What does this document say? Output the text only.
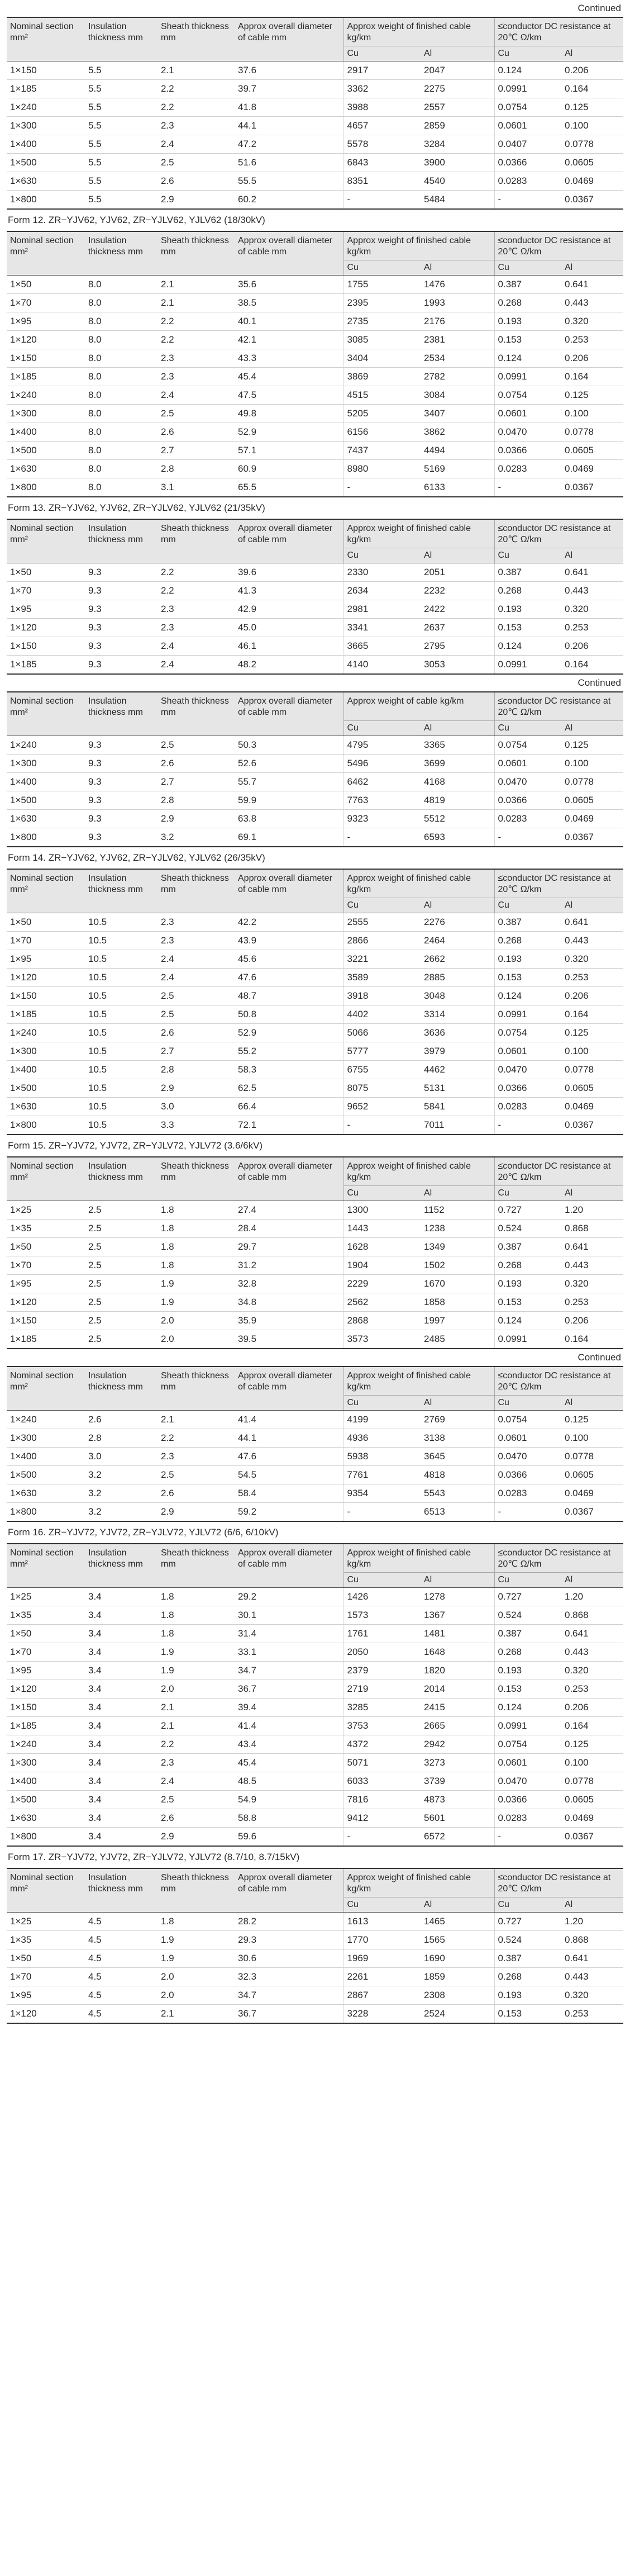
Continued
Nominal section mm²	Insulation thickness mm	Sheath thickness mm	Approx overall diameter of cable mm	Approx weight of finished cable kg/km		≤conductor DC resistance at 20℃ Ω/km	
				Cu	Al	Cu	Al
1×150	5.5	2.1	37.6	2917	2047	0.124	0.206
1×185	5.5	2.2	39.7	3362	2275	0.0991	0.164
1×240	5.5	2.2	41.8	3988	2557	0.0754	0.125
1×300	5.5	2.3	44.1	4657	2859	0.0601	0.100
1×400	5.5	2.4	47.2	5578	3284	0.0407	0.0778
1×500	5.5	2.5	51.6	6843	3900	0.0366	0.0605
1×630	5.5	2.6	55.5	8351	4540	0.0283	0.0469
1×800	5.5	2.9	60.2	-	5484	-	0.0367
Form 12. ZR−YJV62, YJV62, ZR−YJLV62, YJLV62 (18/30kV)
Nominal section mm²	Insulation thickness mm	Sheath thickness mm	Approx overall diameter of cable mm	Approx weight of finished cable kg/km		≤conductor DC resistance at 20℃ Ω/km	
				Cu	Al	Cu	Al
1×50	8.0	2.1	35.6	1755	1476	0.387	0.641
1×70	8.0	2.1	38.5	2395	1993	0.268	0.443
1×95	8.0	2.2	40.1	2735	2176	0.193	0.320
1×120	8.0	2.2	42.1	3085	2381	0.153	0.253
1×150	8.0	2.3	43.3	3404	2534	0.124	0.206
1×185	8.0	2.3	45.4	3869	2782	0.0991	0.164
1×240	8.0	2.4	47.5	4515	3084	0.0754	0.125
1×300	8.0	2.5	49.8	5205	3407	0.0601	0.100
1×400	8.0	2.6	52.9	6156	3862	0.0470	0.0778
1×500	8.0	2.7	57.1	7437	4494	0.0366	0.0605
1×630	8.0	2.8	60.9	8980	5169	0.0283	0.0469
1×800	8.0	3.1	65.5	-	6133	-	0.0367
Form 13. ZR−YJV62, YJV62, ZR−YJLV62, YJLV62 (21/35kV)
Nominal section mm²	Insulation thickness mm	Sheath thickness mm	Approx overall diameter of cable mm	Approx weight of finished cable kg/km		≤conductor DC resistance at 20℃ Ω/km	
				Cu	Al	Cu	Al
1×50	9.3	2.2	39.6	2330	2051	0.387	0.641
1×70	9.3	2.2	41.3	2634	2232	0.268	0.443
1×95	9.3	2.3	42.9	2981	2422	0.193	0.320
1×120	9.3	2.3	45.0	3341	2637	0.153	0.253
1×150	9.3	2.4	46.1	3665	2795	0.124	0.206
1×185	9.3	2.4	48.2	4140	3053	0.0991	0.164
Continued
Nominal section mm²	Insulation thickness mm	Sheath thickness mm	Approx overall diameter of cable mm	Approx weight of cable kg/km		≤conductor DC resistance at 20℃ Ω/km	
				Cu	Al	Cu	Al
1×240	9.3	2.5	50.3	4795	3365	0.0754	0.125
1×300	9.3	2.6	52.6	5496	3699	0.0601	0.100
1×400	9.3	2.7	55.7	6462	4168	0.0470	0.0778
1×500	9.3	2.8	59.9	7763	4819	0.0366	0.0605
1×630	9.3	2.9	63.8	9323	5512	0.0283	0.0469
1×800	9.3	3.2	69.1	-	6593	-	0.0367
Form 14. ZR−YJV62, YJV62, ZR−YJLV62, YJLV62 (26/35kV)
Nominal section mm²	Insulation thickness mm	Sheath thickness mm	Approx overall diameter of cable mm	Approx weight of finished cable kg/km		≤conductor DC resistance at 20℃ Ω/km	
				Cu	Al	Cu	Al
1×50	10.5	2.3	42.2	2555	2276	0.387	0.641
1×70	10.5	2.3	43.9	2866	2464	0.268	0.443
1×95	10.5	2.4	45.6	3221	2662	0.193	0.320
1×120	10.5	2.4	47.6	3589	2885	0.153	0.253
1×150	10.5	2.5	48.7	3918	3048	0.124	0.206
1×185	10.5	2.5	50.8	4402	3314	0.0991	0.164
1×240	10.5	2.6	52.9	5066	3636	0.0754	0.125
1×300	10.5	2.7	55.2	5777	3979	0.0601	0.100
1×400	10.5	2.8	58.3	6755	4462	0.0470	0.0778
1×500	10.5	2.9	62.5	8075	5131	0.0366	0.0605
1×630	10.5	3.0	66.4	9652	5841	0.0283	0.0469
1×800	10.5	3.3	72.1	-	7011	-	0.0367
Form 15. ZR−YJV72, YJV72, ZR−YJLV72, YJLV72 (3.6/6kV)
Nominal section mm²	Insulation thickness mm	Sheath thickness mm	Approx overall diameter of cable mm	Approx weight of finished cable kg/km		≤conductor DC resistance at 20℃ Ω/km	
				Cu	Al	Cu	Al
1×25	2.5	1.8	27.4	1300	1152	0.727	1.20
1×35	2.5	1.8	28.4	1443	1238	0.524	0.868
1×50	2.5	1.8	29.7	1628	1349	0.387	0.641
1×70	2.5	1.8	31.2	1904	1502	0.268	0.443
1×95	2.5	1.9	32.8	2229	1670	0.193	0.320
1×120	2.5	1.9	34.8	2562	1858	0.153	0.253
1×150	2.5	2.0	35.9	2868	1997	0.124	0.206
1×185	2.5	2.0	39.5	3573	2485	0.0991	0.164
Continued
Nominal section mm²	Insulation thickness mm	Sheath thickness mm	Approx overall diameter of cable mm	Approx weight of finished cable kg/km		≤conductor DC resistance at 20℃ Ω/km	
				Cu	Al	Cu	Al
1×240	2.6	2.1	41.4	4199	2769	0.0754	0.125
1×300	2.8	2.2	44.1	4936	3138	0.0601	0.100
1×400	3.0	2.3	47.6	5938	3645	0.0470	0.0778
1×500	3.2	2.5	54.5	7761	4818	0.0366	0.0605
1×630	3.2	2.6	58.4	9354	5543	0.0283	0.0469
1×800	3.2	2.9	59.2	-	6513	-	0.0367
Form 16. ZR−YJV72, YJV72, ZR−YJLV72, YJLV72 (6/6, 6/10kV)
Nominal section mm²	Insulation thickness mm	Sheath thickness mm	Approx overall diameter of cable mm	Approx weight of finished cable kg/km		≤conductor DC resistance at 20℃ Ω/km	
				Cu	Al	Cu	Al
1×25	3.4	1.8	29.2	1426	1278	0.727	1.20
1×35	3.4	1.8	30.1	1573	1367	0.524	0.868
1×50	3.4	1.8	31.4	1761	1481	0.387	0.641
1×70	3.4	1.9	33.1	2050	1648	0.268	0.443
1×95	3.4	1.9	34.7	2379	1820	0.193	0.320
1×120	3.4	2.0	36.7	2719	2014	0.153	0.253
1×150	3.4	2.1	39.4	3285	2415	0.124	0.206
1×185	3.4	2.1	41.4	3753	2665	0.0991	0.164
1×240	3.4	2.2	43.4	4372	2942	0.0754	0.125
1×300	3.4	2.3	45.4	5071	3273	0.0601	0.100
1×400	3.4	2.4	48.5	6033	3739	0.0470	0.0778
1×500	3.4	2.5	54.9	7816	4873	0.0366	0.0605
1×630	3.4	2.6	58.8	9412	5601	0.0283	0.0469
1×800	3.4	2.9	59.6	-	6572	-	0.0367
Form 17. ZR−YJV72, YJV72, ZR−YJLV72, YJLV72 (8.7/10, 8.7/15kV)
Nominal section mm²	Insulation thickness mm	Sheath thickness mm	Approx overall diameter of cable mm	Approx weight of finished cable kg/km		≤conductor DC resistance at 20℃ Ω/km	
				Cu	Al	Cu	Al
1×25	4.5	1.8	28.2	1613	1465	0.727	1.20
1×35	4.5	1.9	29.3	1770	1565	0.524	0.868
1×50	4.5	1.9	30.6	1969	1690	0.387	0.641
1×70	4.5	2.0	32.3	2261	1859	0.268	0.443
1×95	4.5	2.0	34.7	2867	2308	0.193	0.320
1×120	4.5	2.1	36.7	3228	2524	0.153	0.253
